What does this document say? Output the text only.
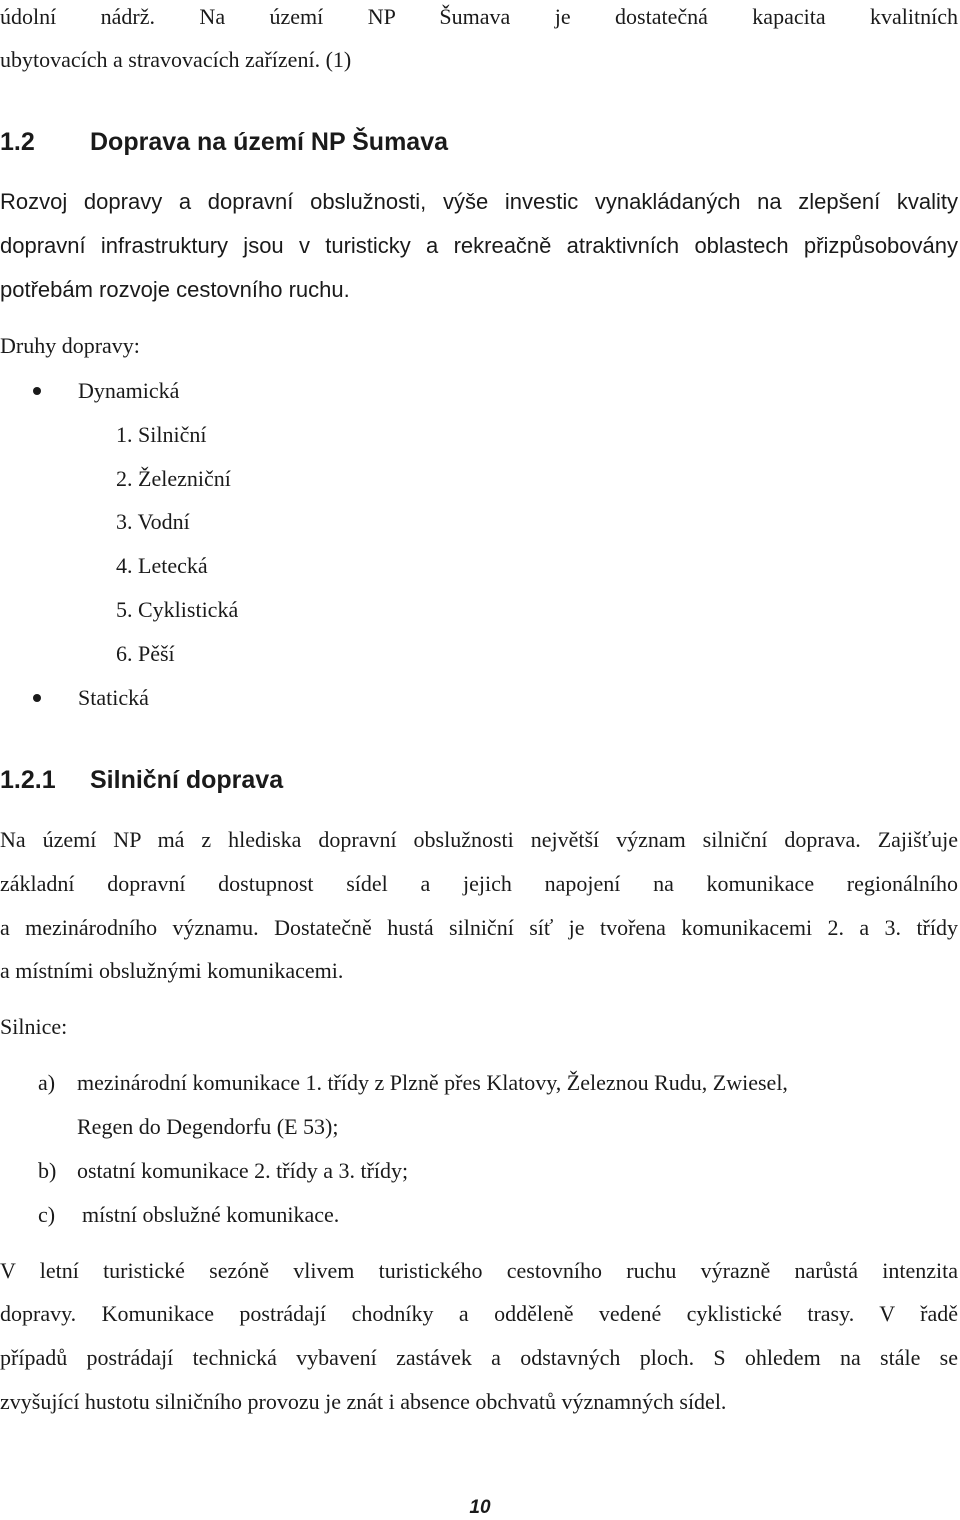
údolní nádrž. Na území NP Šumava je dostatečná kapacita kvalitních
ubytovacích a stravovacích zařízení. (1)
1.2 Doprava na území NP Šumava
Rozvoj dopravy a dopravní obslužnosti, výše investic vynakládaných na zlepšení kvality
dopravní infrastruktury jsou v turisticky a rekreačně atraktivních oblastech přizpůsobovány
potřebám rozvoje cestovního ruchu.
Druhy dopravy:
Dynamická
1. Silniční
2. Železniční
3. Vodní
4. Letecká
5. Cyklistická
6. Pěší
Statická
1.2.1 Silniční doprava
Na území NP má z hlediska dopravní obslužnosti největší význam silniční doprava. Zajišťuje
základní dopravní dostupnost sídel a jejich napojení na komunikace regionálního
a mezinárodního významu. Dostatečně hustá silniční síť je tvořena komunikacemi 2. a 3. třídy
a místními obslužnými komunikacemi.
Silnice:
a) mezinárodní komunikace 1. třídy z Plzně přes Klatovy, Železnou Rudu, Zwiesel,
Regen do Degendorfu (E 53);
b) ostatní komunikace 2. třídy a 3. třídy;
c) místní obslužné komunikace.
V letní turistické sezóně vlivem turistického cestovního ruchu výrazně narůstá intenzita
dopravy. Komunikace postrádají chodníky a odděleně vedené cyklistické trasy. V řadě
případů postrádají technická vybavení zastávek a odstavných ploch. S ohledem na stále se
zvyšující hustotu silničního provozu je znát i absence obchvatů významných sídel.
10
